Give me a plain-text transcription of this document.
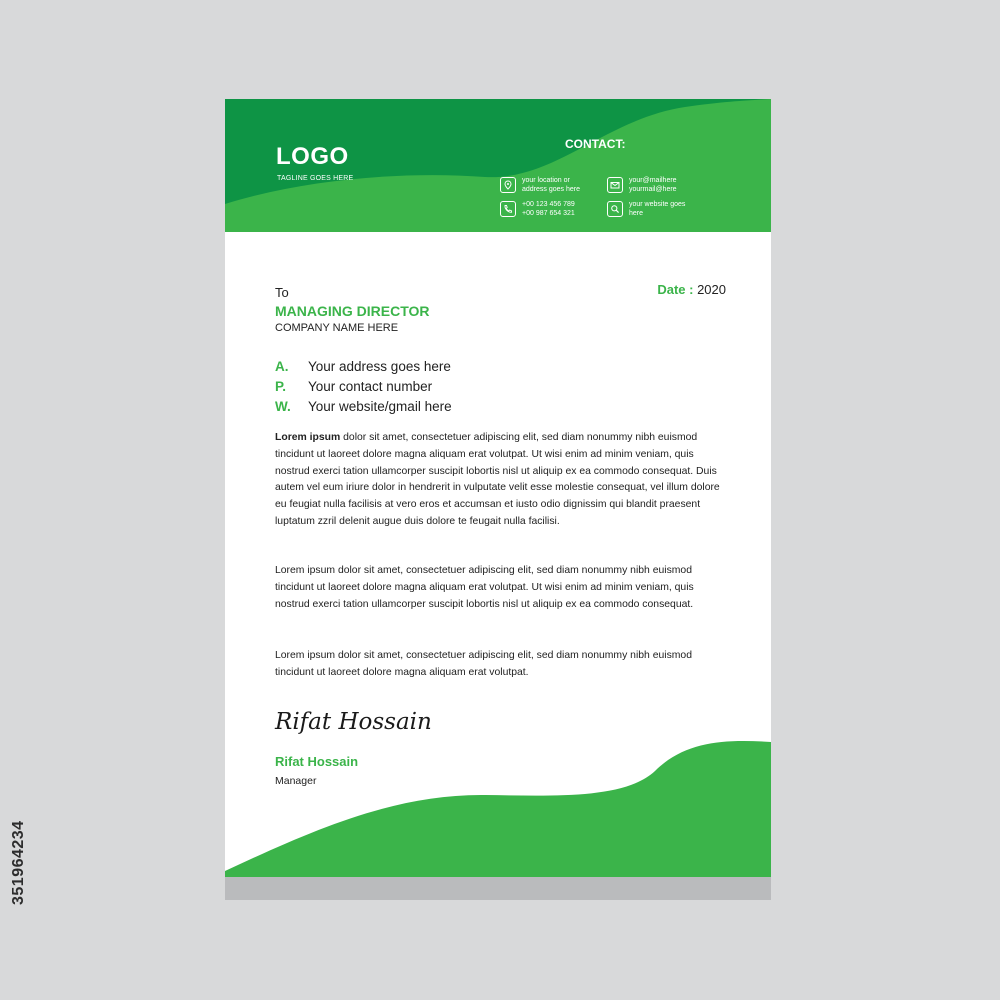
LOGO
TAGLINE GOES HERE
CONTACT:
your location or
address goes here
your@mailhere
yourmail@here
+00 123 456 789
+00 987 654 321
your website goes
here
To	Date : 2020
MANAGING DIRECTOR
COMPANY NAME HERE
A.	Your address goes here
P.	Your contact number
W.	Your website/gmail here
Lorem ipsum dolor sit amet, consectetuer adipiscing elit, sed diam nonummy nibh euismod tincidunt ut laoreet dolore magna aliquam erat volutpat. Ut wisi enim ad minim veniam, quis nostrud exerci tation ullamcorper suscipit lobortis nisl ut aliquip ex ea commodo consequat. Duis autem vel eum iriure dolor in hendrerit in vulputate velit esse molestie consequat, vel illum dolore eu feugiat nulla facilisis at vero eros et accumsan et iusto odio dignissim qui blandit praesent luptatum zzril delenit augue duis dolore te feugait nulla facilisi.
Lorem ipsum dolor sit amet, consectetuer adipiscing elit, sed diam nonummy nibh euismod tincidunt ut laoreet dolore magna aliquam erat volutpat. Ut wisi enim ad minim veniam, quis nostrud exerci tation ullamcorper suscipit lobortis nisl ut aliquip ex ea commodo consequat.
Lorem ipsum dolor sit amet, consectetuer adipiscing elit, sed diam nonummy nibh euismod tincidunt ut laoreet dolore magna aliquam erat volutpat.
Rifat Hossain
Rifat Hossain
Manager
351964234
